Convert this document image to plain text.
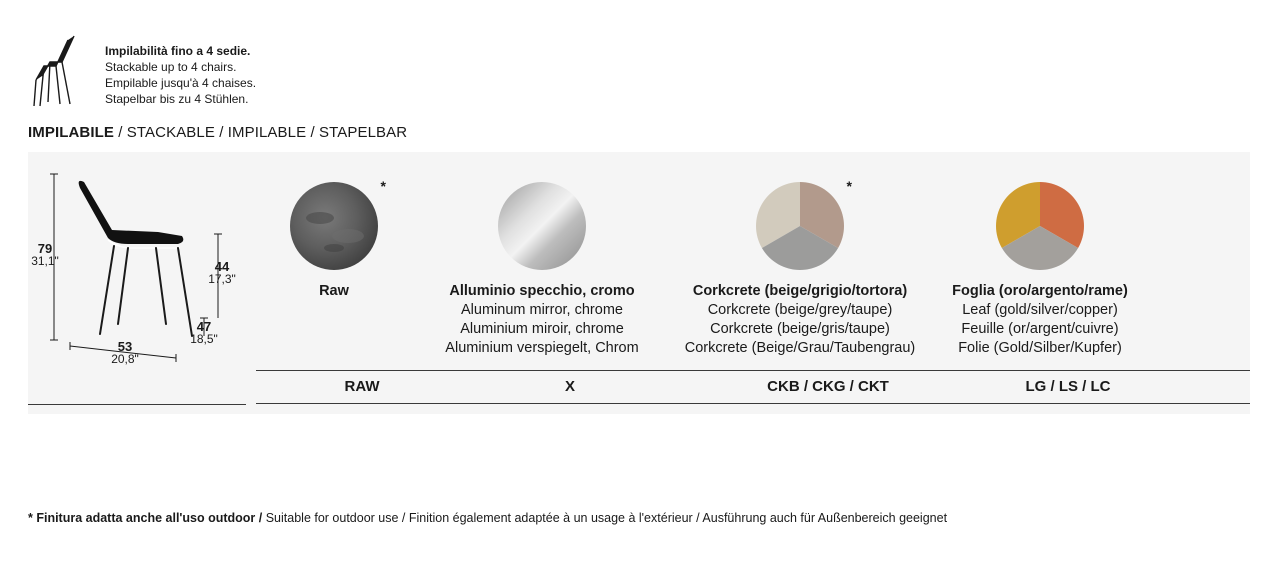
Impilabilità fino a 4 sedie.
Stackable up to 4 chairs.
Empilable jusqu'à 4 chaises.
Stapelbar bis zu 4 Stühlen.
IMPILABILE / STACKABLE / IMPILABLE / STAPELBAR
79
31,1"	44
17,3"
47
18,5"
53
20,8"
*
Raw	Alluminio specchio, cromo
Aluminum mirror, chrome
Aluminium miroir, chrome
Aluminium verspiegelt, Chrom
*
Corkcrete (beige/grigio/tortora)
Corkcrete (beige/grey/taupe)
Corkcrete (beige/gris/taupe)
Corkcrete (Beige/Grau/Taubengrau)
Foglia (oro/argento/rame)
Leaf (gold/silver/copper)
Feuille (or/argent/cuivre)
Folie (Gold/Silber/Kupfer)
RAW	X	CKB / CKG / CKT	LG / LS / LC
* Finitura adatta anche all'uso outdoor / Suitable for outdoor use / Finition également adaptée à un usage à l'extérieur / Ausführung auch für Außenbereich geeignet
